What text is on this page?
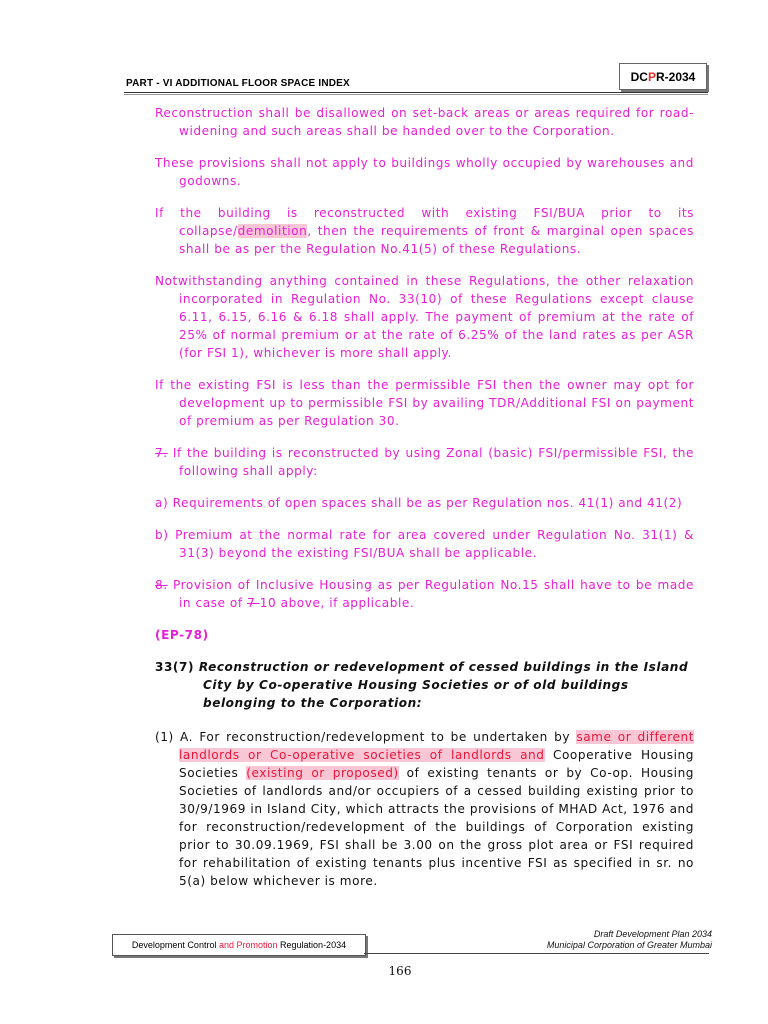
PART - VI ADDITIONAL FLOOR SPACE INDEX	DC P R-2034

Reconstruction shall be disallowed on set-back areas or areas required for road-widening and such areas shall be handed over to the Corporation.

These provisions shall not apply to buildings wholly occupied by warehouses and godowns.

If the building is reconstructed with existing FSI/BUA prior to its collapse/demolition, then the requirements of front & marginal open spaces shall be as per the Regulation No.41(5) of these Regulations.

Notwithstanding anything contained in these Regulations, the other relaxation incorporated in Regulation No. 33(10) of these Regulations except clause 6.11, 6.15, 6.16 & 6.18 shall apply. The payment of premium at the rate of 25% of normal premium or at the rate of 6.25% of the land rates as per ASR (for FSI 1), whichever is more shall apply.

If the existing FSI is less than the permissible FSI then the owner may opt for development up to permissible FSI by availing TDR/Additional FSI on payment of premium as per Regulation 30.

7. If the building is reconstructed by using Zonal (basic) FSI/permissible FSI, the following shall apply:

a) Requirements of open spaces shall be as per Regulation nos. 41(1) and 41(2)

b) Premium at the normal rate for area covered under Regulation No. 31(1) & 31(3) beyond the existing FSI/BUA shall be applicable.

8. Provision of Inclusive Housing as per Regulation No.15 shall have to be made in case of 7 10 above, if applicable.

(EP-78)

33(7) Reconstruction or redevelopment of cessed buildings in the Island City by Co-operative Housing Societies or of old buildings belonging to the Corporation:

(1) A. For reconstruction/redevelopment to be undertaken by same or different landlords or Co-operative societies of landlords and Cooperative Housing Societies (existing or proposed) of existing tenants or by Co-op. Housing Societies of landlords and/or occupiers of a cessed building existing prior to 30/9/1969 in Island City, which attracts the provisions of MHAD Act, 1976 and for reconstruction/redevelopment of the buildings of Corporation existing prior to 30.09.1969, FSI shall be 3.00 on the gross plot area or FSI required for rehabilitation of existing tenants plus incentive FSI as specified in sr. no 5(a) below whichever is more.

Development Control
and Promotion
Regulation-2034
Draft Development Plan 2034
Municipal Corporation of Greater Mumbai
166
